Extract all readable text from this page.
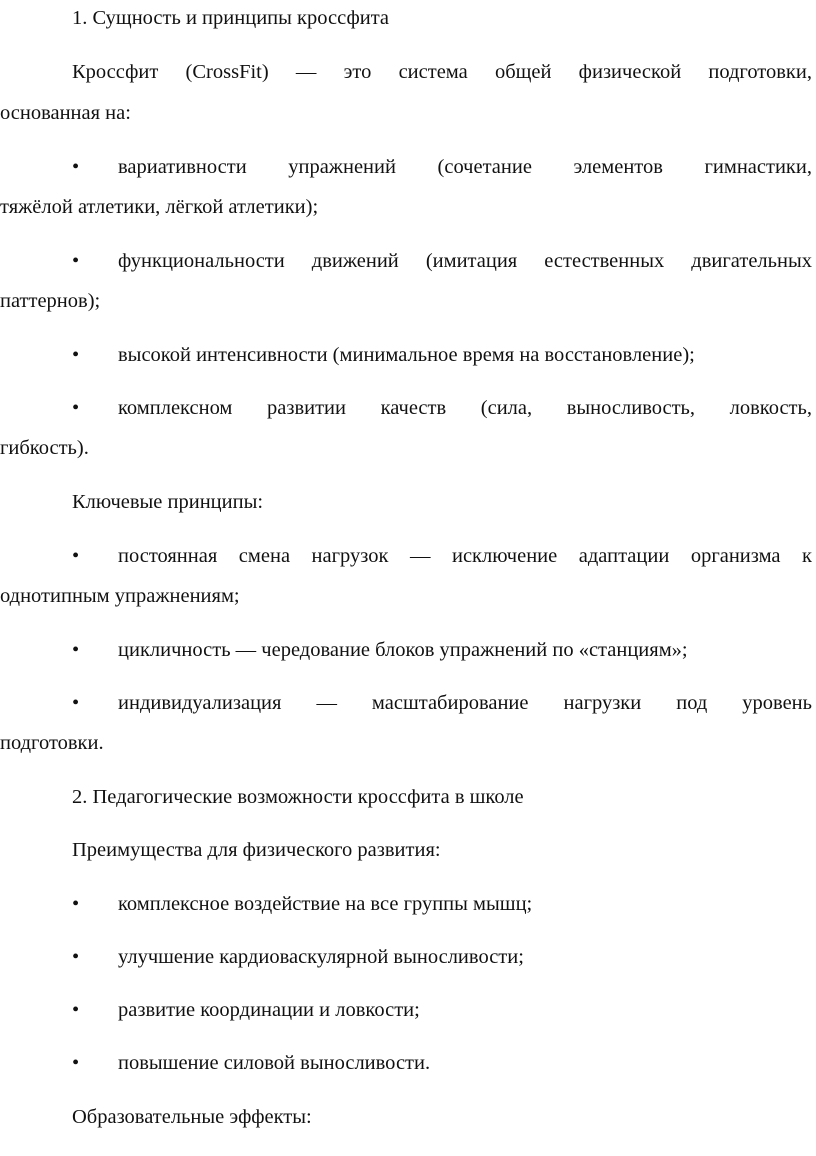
1. Сущность и принципы кроссфита
Кроссфит (CrossFit) — это система общей физической подготовки,
основанная на:
•	вариативности упражнений (сочетание элементов гимнастики,
тяжёлой атлетики, лёгкой атлетики);
•	функциональности движений (имитация естественных двигательных
паттернов);
•	высокой интенсивности (минимальное время на восстановление);
•	комплексном развитии качеств (сила, выносливость, ловкость,
гибкость).
Ключевые принципы:
•	постоянная смена нагрузок — исключение адаптации организма к
однотипным упражнениям;
•	цикличность — чередование блоков упражнений по «станциям»;
•	индивидуализация — масштабирование нагрузки под уровень
подготовки.
2. Педагогические возможности кроссфита в школе
Преимущества для физического развития:
•	комплексное воздействие на все группы мышц;
•	улучшение кардиоваскулярной выносливости;
•	развитие координации и ловкости;
•	повышение силовой выносливости.
Образовательные эффекты:
